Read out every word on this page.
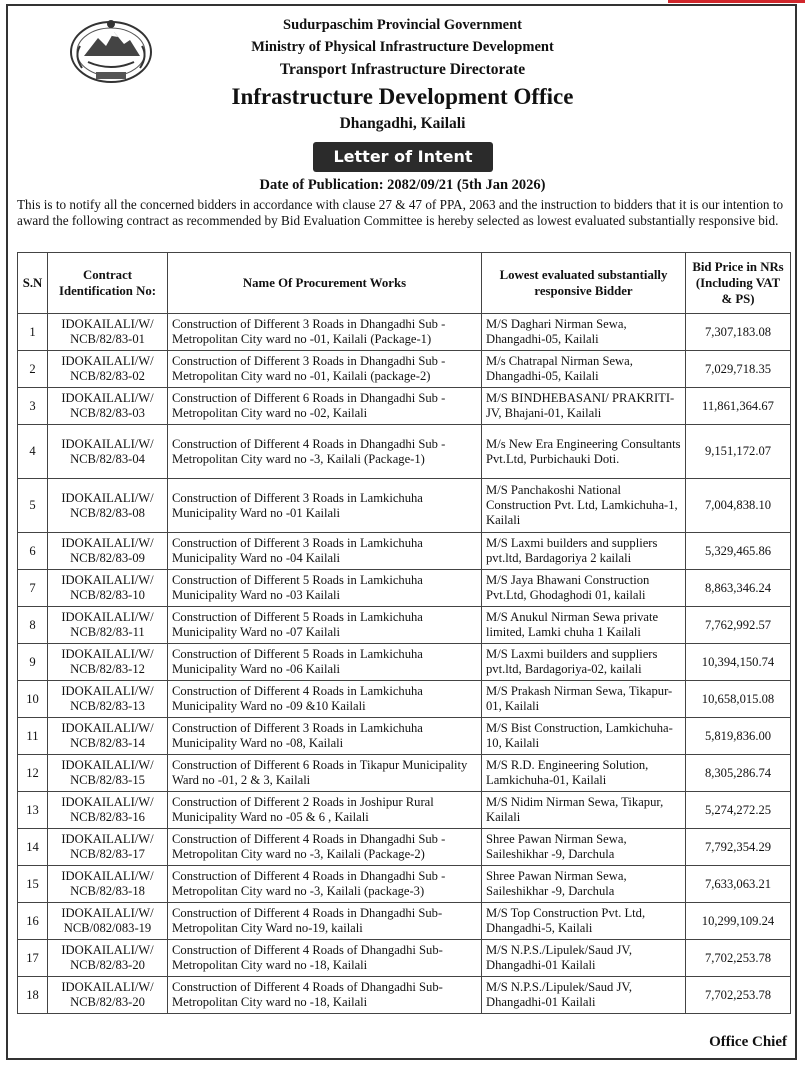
Sudurpaschim Provincial Government
Ministry of Physical Infrastructure Development
Transport Infrastructure Directorate
Infrastructure Development Office
Dhangadhi, Kailali
Letter of Intent
Date of Publication: 2082/09/21 (5th Jan 2026)
This is to notify all the concerned bidders in accordance with clause 27 & 47 of PPA, 2063 and the instruction to bidders that it is our intention to award the following contract as recommended by Bid Evaluation Committee is hereby selected as lowest evaluated substantially responsive bid.
S.N	Contract Identification No:	Name Of Procurement Works	Lowest evaluated substantially responsive Bidder	Bid Price in NRs (Including VAT & PS)
1	IDOKAILALI/W/ NCB/82/83-01	Construction of Different 3 Roads in Dhangadhi Sub - Metropolitan City ward no -01, Kailali (Package-1)	M/S Daghari Nirman Sewa, Dhangadhi-05, Kailali	7,307,183.08
2	IDOKAILALI/W/ NCB/82/83-02	Construction of Different 3 Roads in Dhangadhi Sub - Metropolitan City ward no -01, Kailali (package-2)	M/s Chatrapal Nirman Sewa, Dhangadhi-05, Kailali	7,029,718.35
3	IDOKAILALI/W/ NCB/82/83-03	Construction of Different 6 Roads in Dhangadhi Sub - Metropolitan City ward no -02, Kailali	M/S BINDHEBASANI/ PRAKRITI-JV, Bhajani-01, Kailali	11,861,364.67
4	IDOKAILALI/W/ NCB/82/83-04	Construction of Different 4 Roads in Dhangadhi Sub - Metropolitan City ward no -3, Kailali (Package-1)	M/s New Era Engineering Consultants Pvt.Ltd, Purbichauki Doti.	9,151,172.07
5	IDOKAILALI/W/ NCB/82/83-08	Construction of Different 3 Roads in Lamkichuha Municipality Ward no -01 Kailali	M/S Panchakoshi National Construction Pvt. Ltd, Lamkichuha-1, Kailali	7,004,838.10
6	IDOKAILALI/W/ NCB/82/83-09	Construction of Different 3 Roads in Lamkichuha Municipality Ward no -04 Kailali	M/S Laxmi builders and suppliers pvt.ltd, Bardagoriya 2 kailali	5,329,465.86
7	IDOKAILALI/W/ NCB/82/83-10	Construction of Different 5 Roads in Lamkichuha Municipality Ward no -03 Kailali	M/S Jaya Bhawani Construction Pvt.Ltd, Ghodaghodi 01, kailali	8,863,346.24
8	IDOKAILALI/W/ NCB/82/83-11	Construction of Different 5 Roads in Lamkichuha Municipality Ward no -07 Kailali	M/S Anukul Nirman Sewa private limited, Lamki chuha 1 Kailali	7,762,992.57
9	IDOKAILALI/W/ NCB/82/83-12	Construction of Different 5 Roads in Lamkichuha Municipality Ward no -06 Kailali	M/S Laxmi builders and suppliers pvt.ltd, Bardagoriya-02, kailali	10,394,150.74
10	IDOKAILALI/W/ NCB/82/83-13	Construction of Different 4 Roads in Lamkichuha Municipality Ward no -09 &10 Kailali	M/S Prakash Nirman Sewa, Tikapur-01, Kailali	10,658,015.08
11	IDOKAILALI/W/ NCB/82/83-14	Construction of Different 3 Roads in Lamkichuha Municipality Ward no -08, Kailali	M/S Bist Construction, Lamkichuha-10, Kailali	5,819,836.00
12	IDOKAILALI/W/ NCB/82/83-15	Construction of Different 6 Roads in Tikapur Municipality Ward no -01, 2 & 3, Kailali	M/S R.D. Engineering Solution, Lamkichuha-01, Kailali	8,305,286.74
13	IDOKAILALI/W/ NCB/82/83-16	Construction of Different 2 Roads in Joshipur Rural Municipality Ward no -05 & 6 , Kailali	M/S Nidim Nirman Sewa, Tikapur, Kailali	5,274,272.25
14	IDOKAILALI/W/ NCB/82/83-17	Construction of Different 4 Roads in Dhangadhi Sub - Metropolitan City ward no -3, Kailali (Package-2)	Shree Pawan Nirman Sewa, Saileshikhar -9, Darchula	7,792,354.29
15	IDOKAILALI/W/ NCB/82/83-18	Construction of Different 4 Roads in Dhangadhi Sub -Metropolitan City ward no -3, Kailali (package-3)	Shree Pawan Nirman Sewa, Saileshikhar -9, Darchula	7,633,063.21
16	IDOKAILALI/W/ NCB/082/083-19	Construction of Different 4 Roads in Dhangadhi Sub- Metropolitan City Ward no-19, kailali	M/S Top Construction Pvt. Ltd, Dhangadhi-5, Kailali	10,299,109.24
17	IDOKAILALI/W/ NCB/82/83-20	Construction of Different 4 Roads of Dhangadhi Sub-Metropolitan City ward no -18, Kailali	M/S N.P.S./Lipulek/Saud JV, Dhangadhi-01 Kailali	7,702,253.78
18	IDOKAILALI/W/ NCB/82/83-20	Construction of Different 4 Roads of Dhangadhi Sub-Metropolitan City ward no -18, Kailali	M/S N.P.S./Lipulek/Saud JV, Dhangadhi-01 Kailali	7,702,253.78
Office Chief
